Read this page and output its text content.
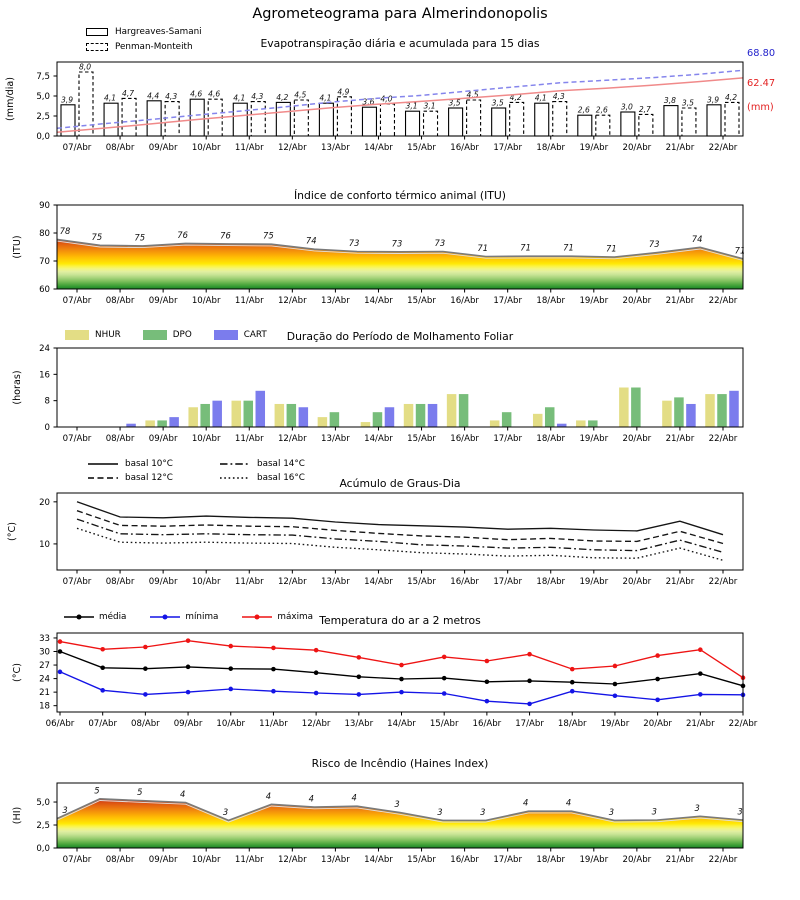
Agrometeograma para Almerindonopolis
Evapotranspiração diária e acumulada para 15 dias
Índice de conforto térmico animal (ITU)
Duração do Período de Molhamento Foliar
Acúmulo de Graus-Dia
Temperatura do ar a 2 metros
Risco de Incêndio (Haines Index)
Hargreaves-Samani
Penman-Monteith
68.80
62.47
(mm)
NHUR	DPO	CART
basal 10°C
basal 12°C
basal 14°C
basal 16°C
média	mínima	máxima
3,9
8,0
4,1
4,7 4,4 4,3 4,6 4,6 4,1 4,3 4,2 4,5 4,1
4,9
3,6 4,0
3,1 3,1 3,5
4,5
3,5
4,2 4,1 4,3
2,6 2,6 3,0 2,7
3,8 3,5 3,9 4,2
0,0
2,5
5,0
7,5
07/Abr 08/Abr 09/Abr 10/Abr 11/Abr 12/Abr 13/Abr 14/Abr 15/Abr 16/Abr 17/Abr 18/Abr 19/Abr 20/Abr 21/Abr 22/Abr
(mm/dia)
78
75	75	76	76	75
74	73	73	73
71	71	71	71	73
74
71
60
70
80
90
07/Abr 08/Abr 09/Abr 10/Abr 11/Abr 12/Abr 13/Abr 14/Abr 15/Abr 16/Abr 17/Abr 18/Abr 19/Abr 20/Abr 21/Abr 22/Abr
(ITU)
0
8
16
24
07/Abr 08/Abr 09/Abr 10/Abr 11/Abr 12/Abr 13/Abr 14/Abr 15/Abr 16/Abr 17/Abr 18/Abr 19/Abr 20/Abr 21/Abr 22/Abr
(horas)
10
20
07/Abr 08/Abr 09/Abr 10/Abr 11/Abr 12/Abr 13/Abr 14/Abr 15/Abr 16/Abr 17/Abr 18/Abr 19/Abr 20/Abr 21/Abr 22/Abr
(°C)
18
21
24
27
30
33
06/Abr 07/Abr 08/Abr 09/Abr 10/Abr 11/Abr 12/Abr 13/Abr 14/Abr 15/Abr 16/Abr 17/Abr 18/Abr 19/Abr 20/Abr 21/Abr 22/Abr
(°C)
3
5	5	4
3
4	4	4
3
3	3
4	4
3	3	3	3
0,0
2,5
5,0
07/Abr 08/Abr 09/Abr 10/Abr 11/Abr 12/Abr 13/Abr 14/Abr 15/Abr 16/Abr 17/Abr 18/Abr 19/Abr 20/Abr 21/Abr 22/Abr
(HI)
